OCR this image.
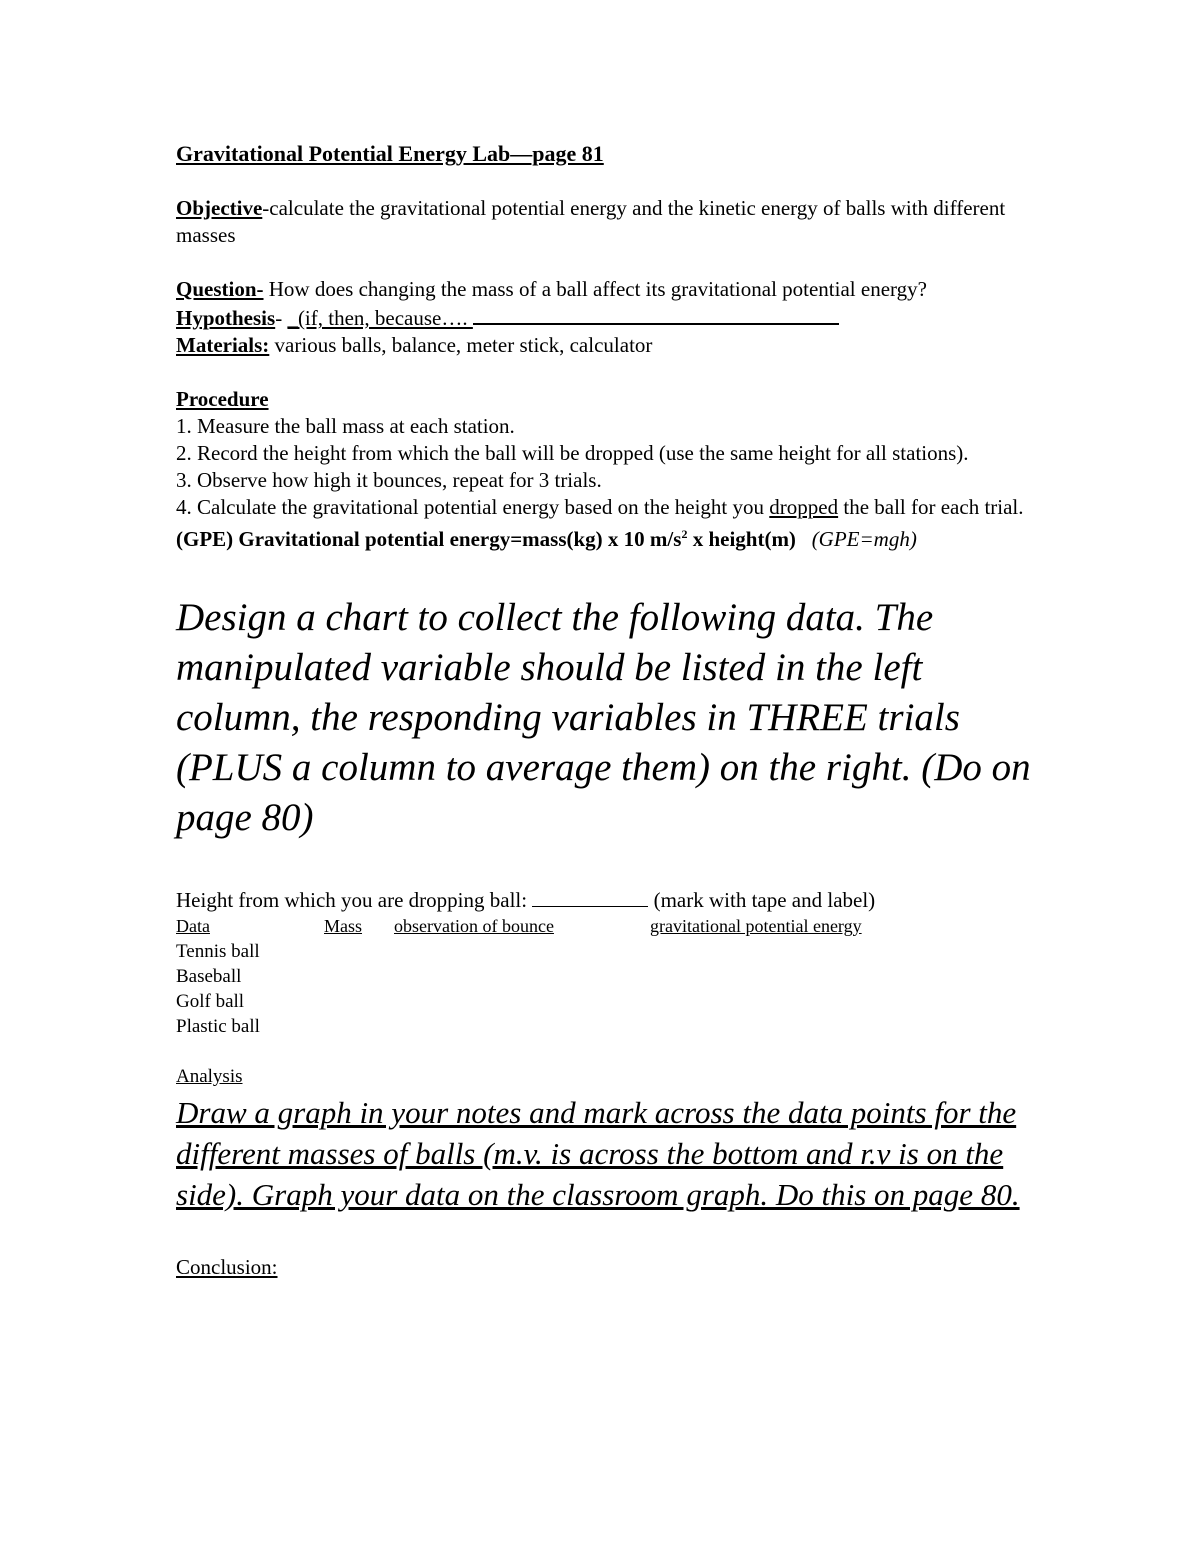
Gravitational Potential Energy Lab—page 81

Objective-calculate the gravitational potential energy and the kinetic energy of balls with different masses

Question- How does changing the mass of a ball affect its gravitational potential energy?

Hypothesis- _(if, then, because….

Materials: various balls, balance, meter stick, calculator

Procedure

1. Measure the ball mass at each station.

2. Record the height from which the ball will be dropped (use the same height for all stations).

3. Observe how high it bounces, repeat for 3 trials.

4. Calculate the gravitational potential energy based on the height you dropped the ball for each trial.

(GPE) Gravitational potential energy=mass(kg) x 10 $m/s^2$ x height(m) (GPE=mgh)

Design a chart to collect the following data. The manipulated variable should be listed in the left column, the responding variables in THREE trials (PLUS a column to average them) on the right. (Do on page 80)

Height from which you are dropping ball:	(mark with tape and label)

Data	Mass	observation of bounce	gravitational potential energy
Tennis ball
Baseball
Golf ball
Plastic ball
Analysis

Draw a graph in your notes and mark across the data points for the different masses of balls (m.v. is across the bottom and r.v is on the side). Graph your data on the classroom graph. Do this on page 80.

Conclusion:
